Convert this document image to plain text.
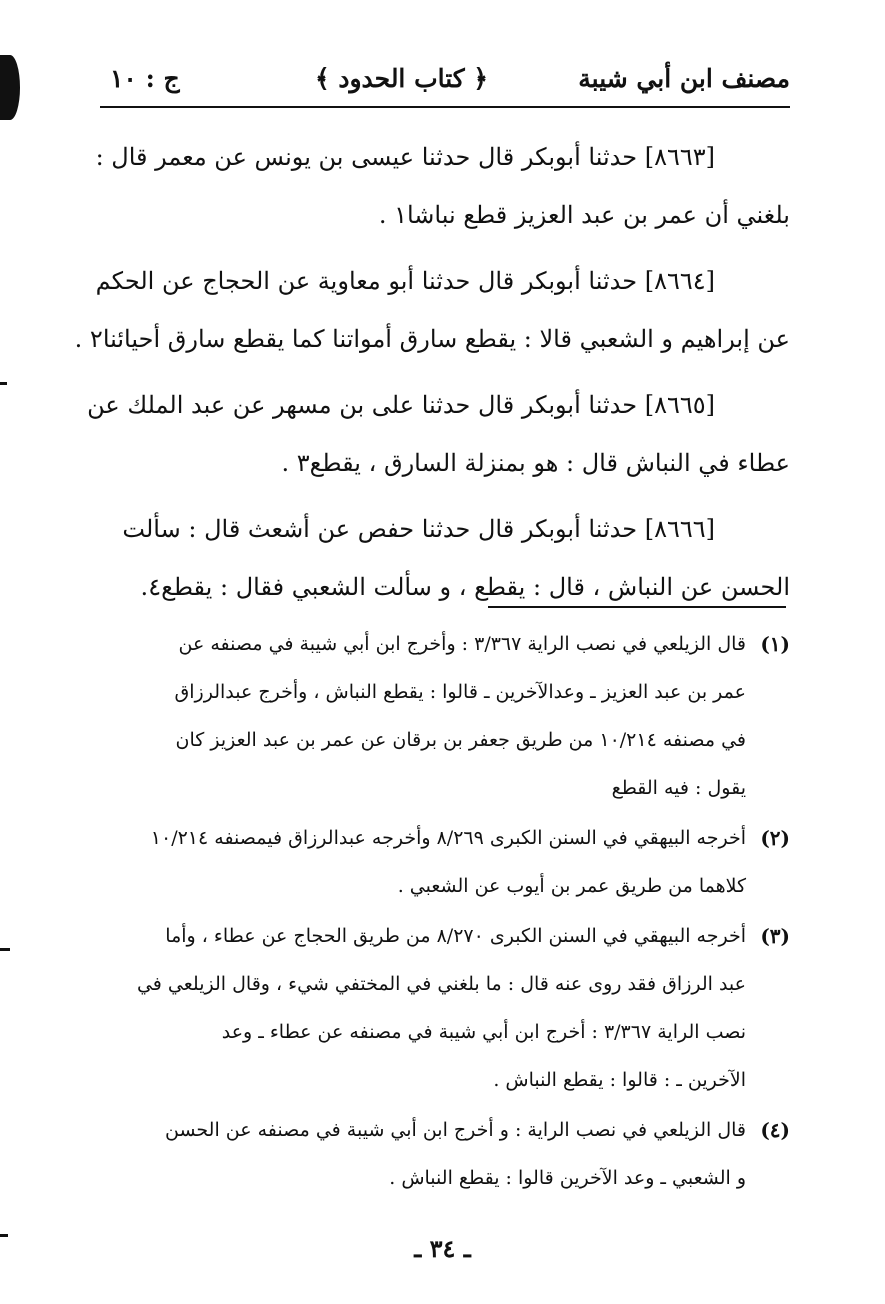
مصنف ابن أبي شيبة
﴿ كتاب الحدود ﴾
ج : ١٠
[٨٦٦٣] حدثنا أبوبكر قال حدثنا عيسى بن يونس عن معمر قال :
بلغني أن عمر بن عبد العزيز قطع نباشا١ .
[٨٦٦٤] حدثنا أبوبكر قال حدثنا أبو معاوية عن الحجاج عن الحكم
عن إبراهيم و الشعبي قالا : يقطع سارق أمواتنا كما يقطع سارق أحيائنا٢ .
[٨٦٦٥] حدثنا أبوبكر قال حدثنا على بن مسهر عن عبد الملك عن
عطاء في النباش قال : هو بمنزلة السارق ، يقطع٣ .
[٨٦٦٦] حدثنا أبوبكر قال حدثنا حفص عن أشعث قال : سألت
الحسن عن النباش ، قال : يقطع ، و سألت الشعبي فقال : يقطع٤.
(١)
قال الزيلعي في نصب الراية ٣/٣٦٧ : وأخرج ابن أبي شيبة في مصنفه عن
عمر بن عبد العزيز ـ وعدالآخرين ـ قالوا : يقطع النباش ، وأخرج عبدالرزاق
في مصنفه ١٠/٢١٤ من طريق جعفر بن برقان عن عمر بن عبد العزيز كان
يقول : فيه القطع
(٢)
أخرجه البيهقي في السنن الكبرى ٨/٢٦٩ وأخرجه عبدالرزاق فيمصنفه ١٠/٢١٤
كلاهما من طريق عمر بن أيوب عن الشعبي .
(٣)
أخرجه البيهقي في السنن الكبرى ٨/٢٧٠ من طريق الحجاج عن عطاء ، وأما
عبد الرزاق فقد روى عنه قال : ما بلغني في المختفي شيء ، وقال الزيلعي في
نصب الراية ٣/٣٦٧ : أخرج ابن أبي شيبة في مصنفه عن عطاء ـ وعد
الآخرين ـ : قالوا : يقطع النباش .
(٤)
قال الزيلعي في نصب الراية : و أخرج ابن أبي شيبة في مصنفه عن الحسن
و الشعبي ـ وعد الآخرين قالوا : يقطع النباش .
ـ ٣٤ ـ
